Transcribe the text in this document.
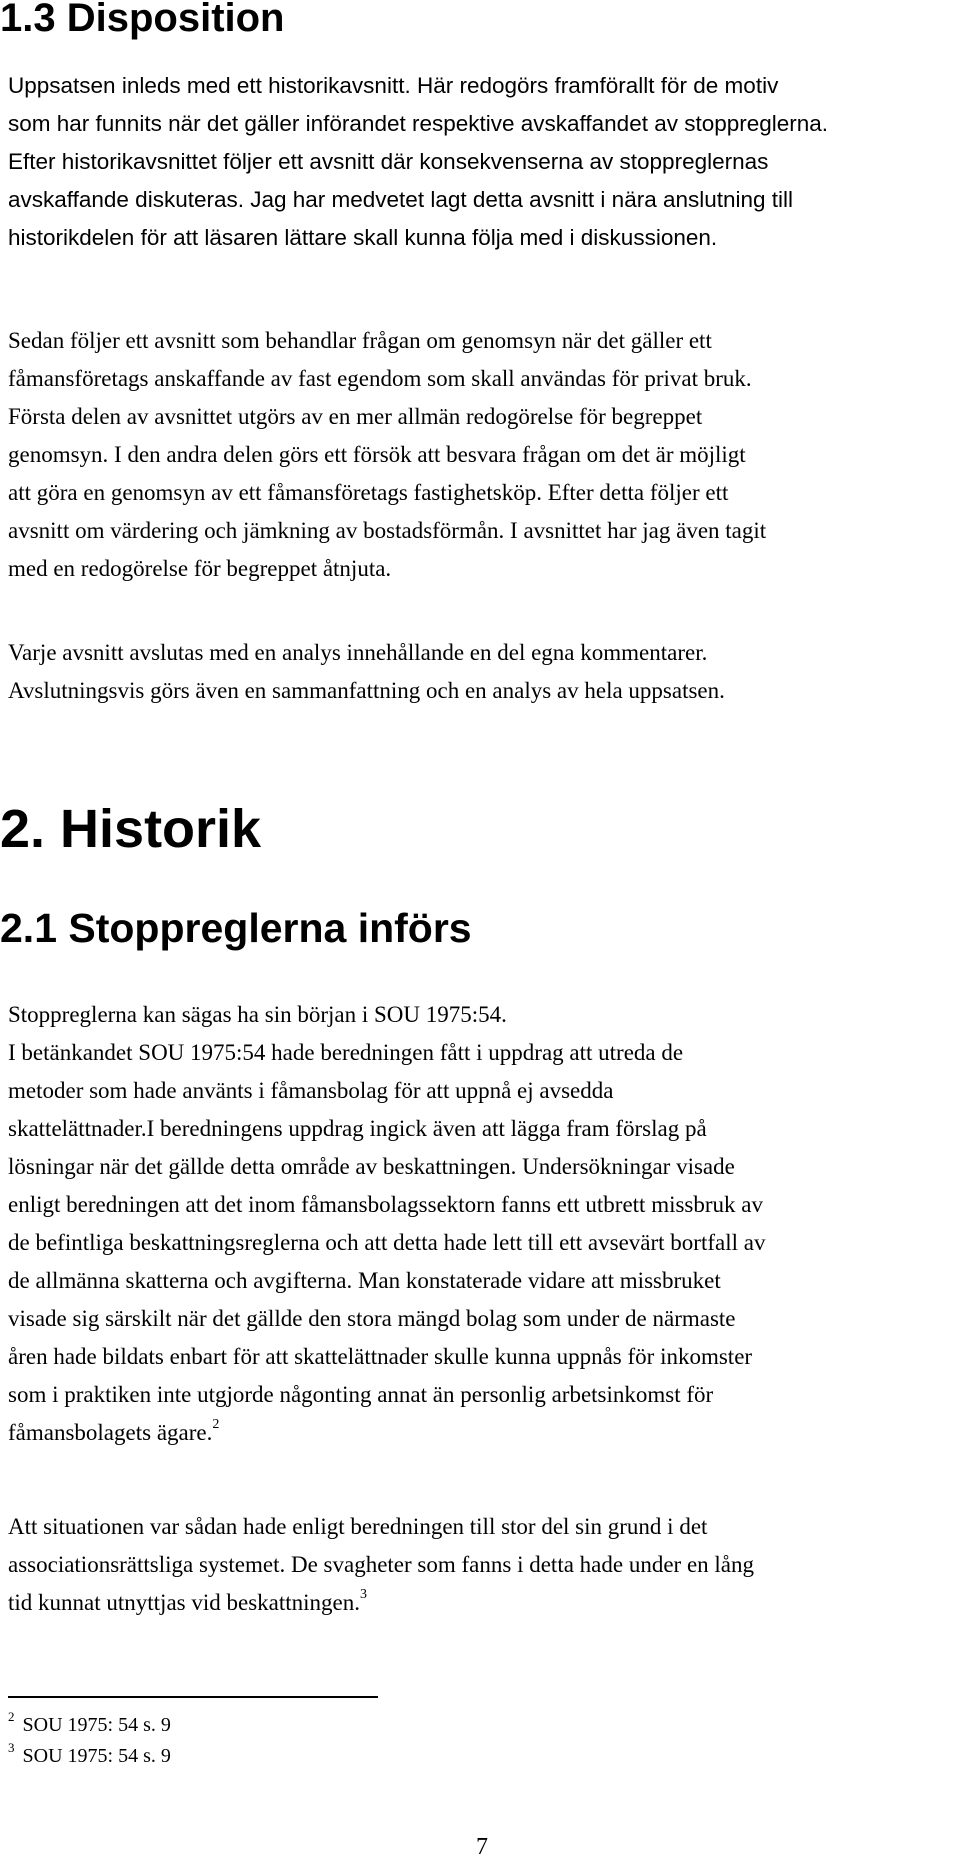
1.3 Disposition

Uppsatsen inleds med ett historikavsnitt. Här redogörs framförallt för de motiv
som har funnits när det gäller införandet respektive avskaffandet av stoppreglerna.
Efter historikavsnittet följer ett avsnitt där konsekvenserna av stoppreglernas
avskaffande diskuteras. Jag har medvetet lagt detta avsnitt i nära anslutning till
historikdelen för att läsaren lättare skall kunna följa med i diskussionen.

Sedan följer ett avsnitt som behandlar frågan om genomsyn när det gäller ett
fåmansföretags anskaffande av fast egendom som skall användas för privat bruk.
Första delen av avsnittet utgörs av en mer allmän redogörelse för begreppet
genomsyn. I den andra delen görs ett försök att besvara frågan om det är möjligt
att göra en genomsyn av ett fåmansföretags fastighetsköp. Efter detta följer ett
avsnitt om värdering och jämkning av bostadsförmån. I avsnittet har jag även tagit
med en redogörelse för begreppet åtnjuta.

Varje avsnitt avslutas med en analys innehållande en del egna kommentarer.
Avslutningsvis görs även en sammanfattning och en analys av hela uppsatsen.

2. Historik
2.1 Stoppreglerna införs

Stoppreglerna kan sägas ha sin början i SOU 1975:54.
I betänkandet SOU 1975:54 hade beredningen fått i uppdrag att utreda de
metoder som hade använts i fåmansbolag för att uppnå ej avsedda
skattelättnader.I beredningens uppdrag ingick även att lägga fram förslag på
lösningar när det gällde detta område av beskattningen. Undersökningar visade
enligt beredningen att det inom fåmansbolagssektorn fanns ett utbrett missbruk av
de befintliga beskattningsreglerna och att detta hade lett till ett avsevärt bortfall av
de allmänna skatterna och avgifterna. Man konstaterade vidare att missbruket
visade sig särskilt när det gällde den stora mängd bolag som under de närmaste
åren hade bildats enbart för att skattelättnader skulle kunna uppnås för inkomster
som i praktiken inte utgjorde någonting annat än personlig arbetsinkomst för
fåmansbolagets ägare.$^2$

Att situationen var sådan hade enligt beredningen till stor del sin grund i det
associationsrättsliga systemet. De svagheter som fanns i detta hade under en lång
tid kunnat utnyttjas vid beskattningen.$^3$

$^2$ SOU 1975: 54 s. 9
$^3$ SOU 1975: 54 s. 9
7
